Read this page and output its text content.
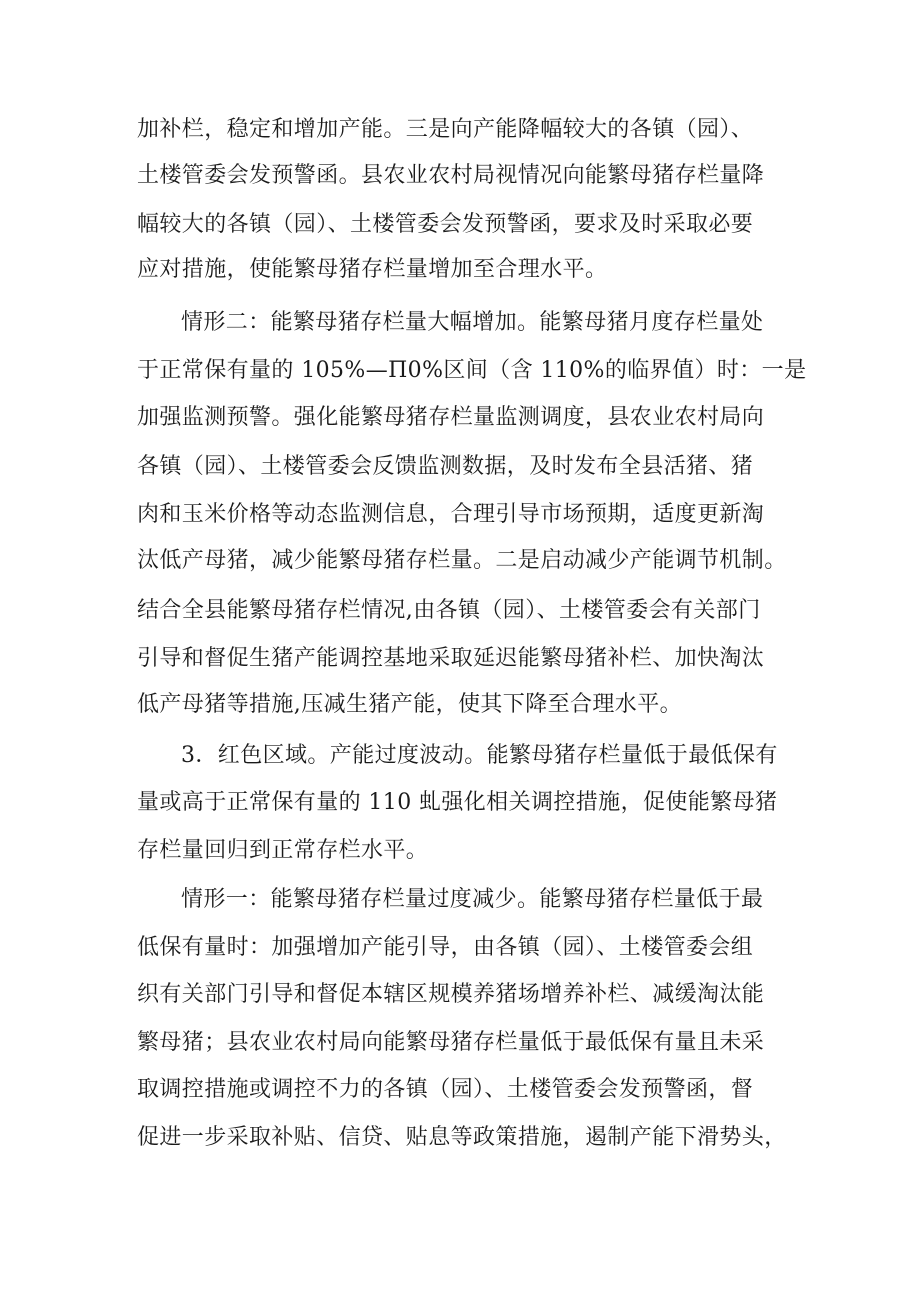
加补栏，稳定和增加产能。三是向产能降幅较大的各镇（园）、
土楼管委会发预警函。县农业农村局视情况向能繁母猪存栏量降
幅较大的各镇（园）、土楼管委会发预警函，要求及时采取必要
应对措施，使能繁母猪存栏量增加至合理水平。
情形二：能繁母猪存栏量大幅增加。能繁母猪月度存栏量处
于正常保有量的 105%—Π0%区间（含 110%的临界值）时：一是
加强监测预警。强化能繁母猪存栏量监测调度，县农业农村局向
各镇（园）、土楼管委会反馈监测数据，及时发布全县活猪、猪
肉和玉米价格等动态监测信息，合理引导市场预期，适度更新淘
汰低产母猪，减少能繁母猪存栏量。二是启动减少产能调节机制。
结合全县能繁母猪存栏情况,由各镇（园）、土楼管委会有关部门
引导和督促生猪产能调控基地采取延迟能繁母猪补栏、加快淘汰
低产母猪等措施,压减生猪产能，使其下降至合理水平。
3．红色区域。产能过度波动。能繁母猪存栏量低于最低保有
量或高于正常保有量的 110 虬强化相关调控措施，促使能繁母猪
存栏量回归到正常存栏水平。
情形一：能繁母猪存栏量过度减少。能繁母猪存栏量低于最
低保有量时：加强增加产能引导，由各镇（园）、土楼管委会组
织有关部门引导和督促本辖区规模养猪场增养补栏、减缓淘汰能
繁母猪；县农业农村局向能繁母猪存栏量低于最低保有量且未采
取调控措施或调控不力的各镇（园）、土楼管委会发预警函，督
促进一步采取补贴、信贷、贴息等政策措施，遏制产能下滑势头，
